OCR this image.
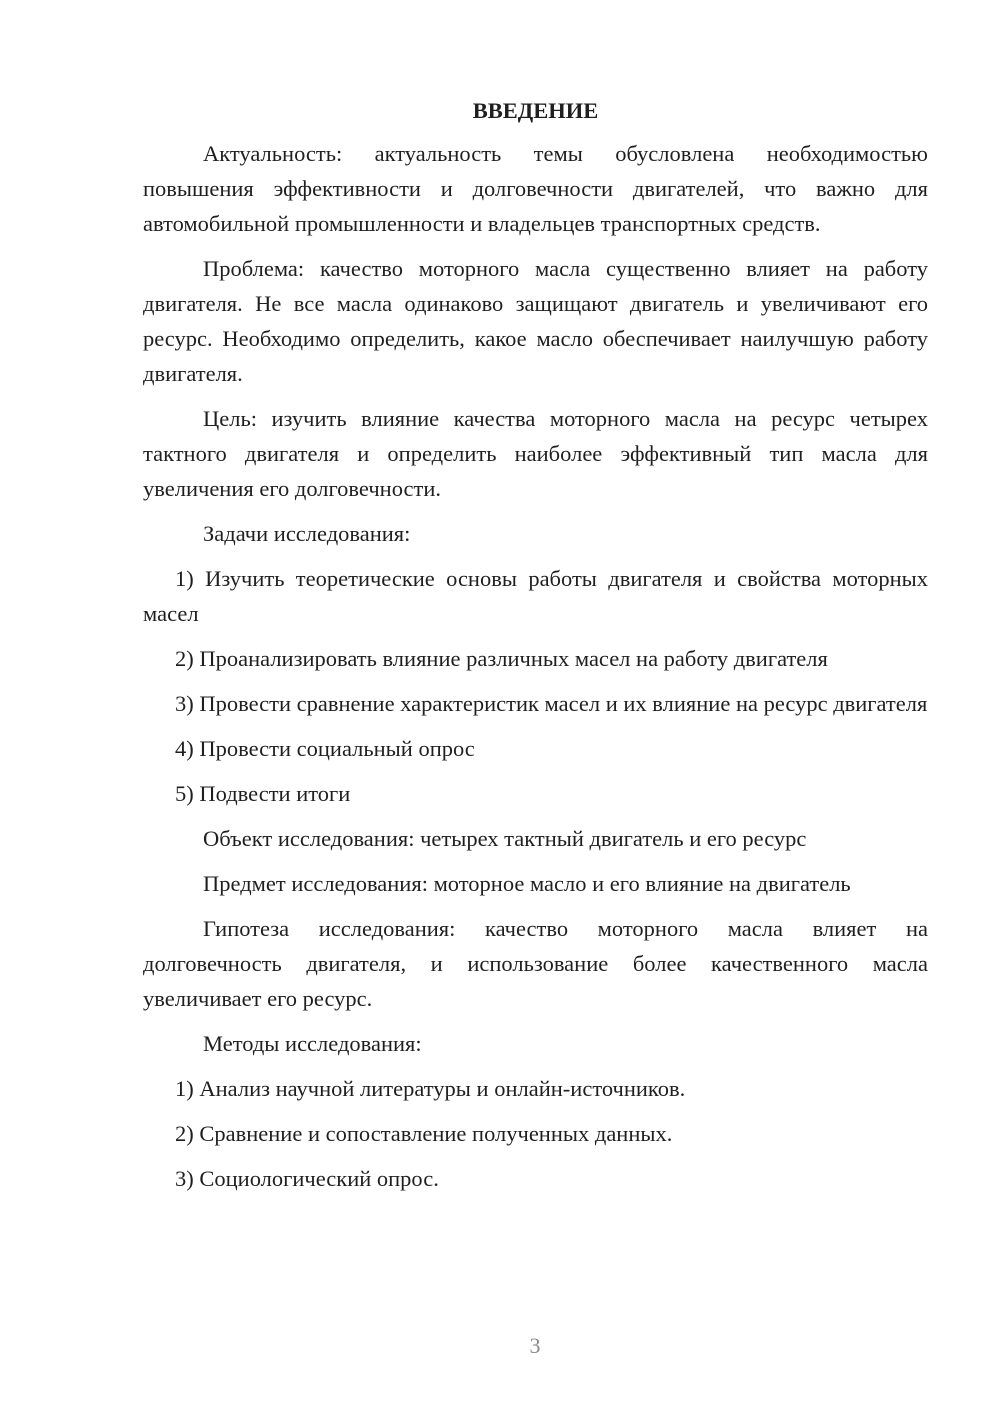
ВВЕДЕНИЕ

Актуальность: актуальность темы обусловлена необходимостью повышения эффективности и долговечности двигателей, что важно для автомобильной промышленности и владельцев транспортных средств.

Проблема: качество моторного масла существенно влияет на работу двигателя. Не все масла одинаково защищают двигатель и увеличивают его ресурс. Необходимо определить, какое масло обеспечивает наилучшую работу двигателя.

Цель: изучить влияние качества моторного масла на ресурс четырех тактного двигателя и определить наиболее эффективный тип масла для увеличения его долговечности.

Задачи исследования:

1) Изучить теоретические основы работы двигателя и свойства моторных масел

2) Проанализировать влияние различных масел на работу двигателя

3) Провести сравнение характеристик масел и их влияние на ресурс двигателя

4) Провести социальный опрос

5) Подвести итоги

Объект исследования: четырех тактный двигатель и его ресурс

Предмет исследования: моторное масло и его влияние на двигатель

Гипотеза исследования: качество моторного масла влияет на долговечность двигателя, и использование более качественного масла увеличивает его ресурс.

Методы исследования:

1) Анализ научной литературы и онлайн-источников.

2) Сравнение и сопоставление полученных данных.

3) Социологический опрос.

3
